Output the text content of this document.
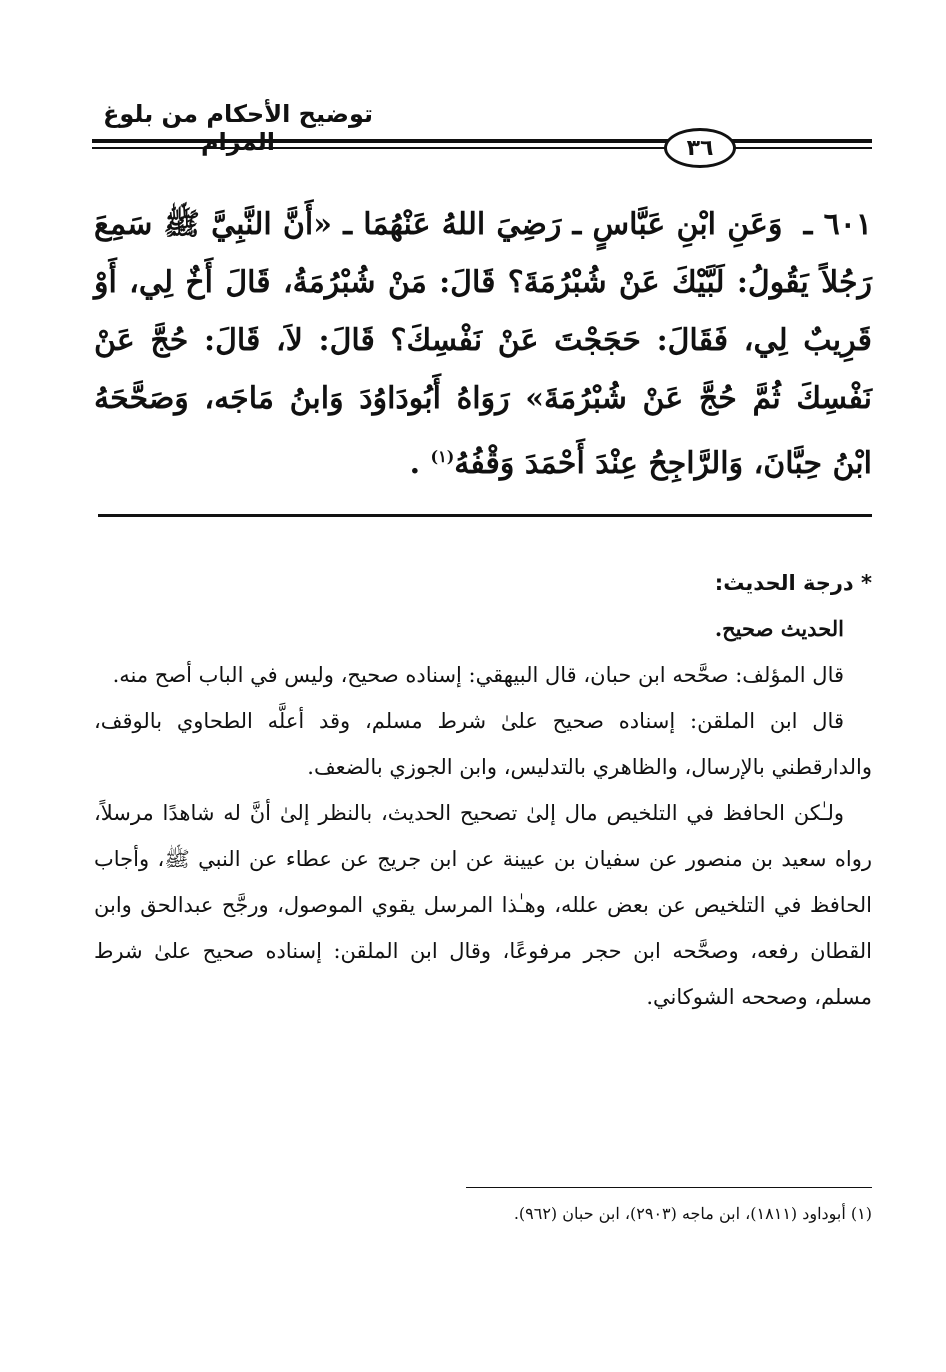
توضيح الأحكام من بلوغ
٣٦
٦٠١ ـ وَعَنِ ابْنِ عَبَّاسٍ ـ رَضِيَ اللهُ عَنْهُمَا ـ «أَنَّ النَّبِيَّ ﷺ سَمِعَ رَجُلاً يَقُولُ: لَبَّيْكَ عَنْ شُبْرُمَةَ؟ قَالَ: مَنْ شُبْرُمَةُ، قَالَ أَخٌ لِي، أَوْ قَرِيبٌ لِي، فَقَالَ: حَجَجْتَ عَنْ نَفْسِكَ؟ قَالَ: لاَ، قَالَ: حُجَّ عَنْ نَفْسِكَ ثُمَّ حُجَّ عَنْ شُبْرُمَةَ» رَوَاهُ أَبُودَاوُدَ وَابنُ مَاجَه، وَصَحَّحَهُ ابْنُ حِبَّانَ، وَالرَّاجِحُ عِنْدَ أَحْمَدَ وَقْفُهُ$^{(١)}$ .

* درجة الحديث:

الحديث صحيح.

قال المؤلف: صحَّحه ابن حبان، قال البيهقي: إسناده صحيح، وليس في الباب أصح منه.

قال ابن الملقن: إسناده صحيح علىٰ شرط مسلم، وقد أعلَّه الطحاوي بالوقف، والدارقطني بالإرسال، والظاهري بالتدليس، وابن الجوزي بالضعف.

ولـٰكن الحافظ في التلخيص مال إلىٰ تصحيح الحديث، بالنظر إلىٰ أنَّ له شاهدًا مرسلاً، رواه سعيد بن منصور عن سفيان بن عيينة عن ابن جريج عن عطاء عن النبي ﷺ، وأجاب الحافظ في التلخيص عن بعض علله، وهـٰذا المرسل يقوي الموصول، ورجَّح عبدالحق وابن القطان رفعه، وصحَّحه ابن حجر مرفوعًا، وقال ابن الملقن: إسناده صحيح علىٰ شرط مسلم، وصححه الشوكاني.

(١) أبوداود (١٨١١)، ابن ماجه (٢٩٠٣)، ابن حبان (٩٦٢).
